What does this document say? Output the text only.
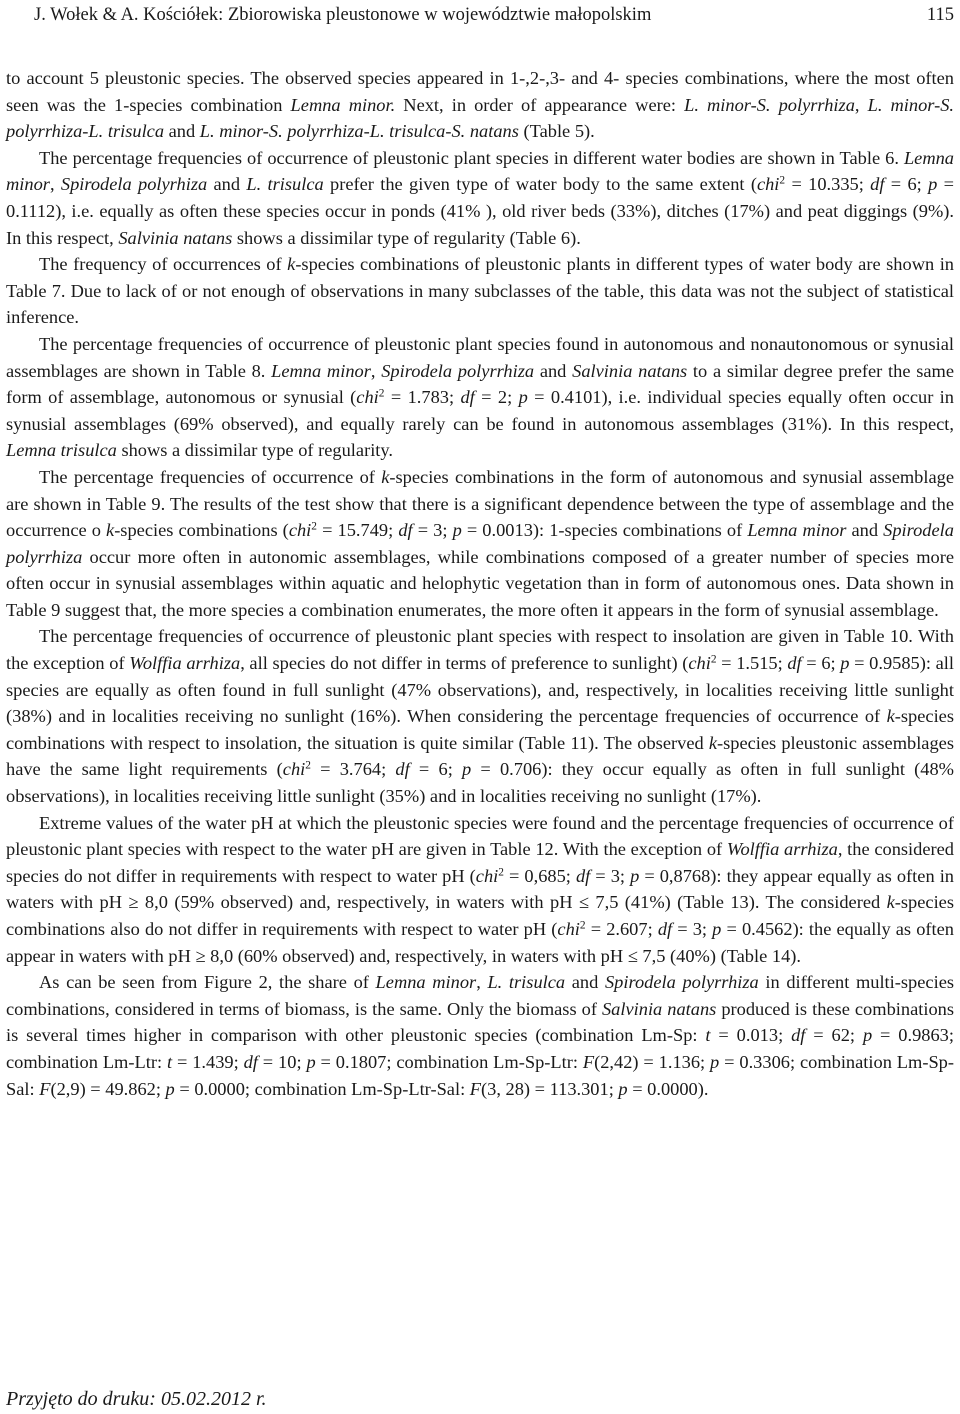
J. Wołek & A. Kościółek: Zbiorowiska pleustonowe w województwie małopolskim	115

to account 5 pleustonic species. The observed species appeared in 1-,2-,3- and 4- species combinations, where the most often seen was the 1-species combination Lemna minor. Next, in order of appearance were: L. minor-S. polyrrhiza, L. minor-S. polyrrhiza-L. trisulca and L. minor-S. polyrrhiza-L. trisulca-S. natans (Table 5).

The percentage frequencies of occurrence of pleustonic plant species in different water bodies are shown in Table 6. Lemna minor, Spirodela polyrhiza and L. trisulca prefer the given type of water body to the same extent (chi$^2$ = 10.335; df = 6; p = 0.1112), i.e. equally as often these species occur in ponds (41% ), old river beds (33%), ditches (17%) and peat diggings (9%). In this respect, Salvinia natans shows a dissimilar type of regularity (Table 6).

The frequency of occurrences of k-species combinations of pleustonic plants in different types of water body are shown in Table 7. Due to lack of or not enough of observations in many subclasses of the table, this data was not the subject of statistical inference.

The percentage frequencies of occurrence of pleustonic plant species found in autonomous and nonautonomous or synusial assemblages are shown in Table 8. Lemna minor, Spirodela polyrrhiza and Salvinia natans to a similar degree prefer the same form of assemblage, autonomous or synusial (chi$^2$ = 1.783; df = 2; p = 0.4101), i.e. individual species equally often occur in synusial assemblages (69% observed), and equally rarely can be found in autonomous assemblages (31%). In this respect, Lemna trisulca shows a dissimilar type of regularity.

The percentage frequencies of occurrence of k-species combinations in the form of autonomous and synusial assemblage are shown in Table 9. The results of the test show that there is a significant dependence between the type of assemblage and the occurrence o k-species combinations (chi$^2$ = 15.749; df = 3; p = 0.0013): 1-species combinations of Lemna minor and Spirodela polyrrhiza occur more often in autonomic assemblages, while combinations composed of a greater number of species more often occur in synusial assemblages within aquatic and helophytic vegetation than in form of autonomous ones. Data shown in Table 9 suggest that, the more species a combination enumerates, the more often it appears in the form of synusial assemblage.

The percentage frequencies of occurrence of pleustonic plant species with respect to insolation are given in Table 10. With the exception of Wolffia arrhiza, all species do not differ in terms of preference to sunlight) (chi$^2$ = 1.515; df = 6; p = 0.9585): all species are equally as often found in full sunlight (47% observations), and, respectively, in localities receiving little sunlight (38%) and in localities receiving no sunlight (16%). When considering the percentage frequencies of occurrence of k-species combinations with respect to insolation, the situation is quite similar (Table 11). The observed k-species pleustonic assemblages have the same light requirements (chi$^2$ = 3.764; df = 6; p = 0.706): they occur equally as often in full sunlight (48% observations), in localities receiving little sunlight (35%) and in localities receiving no sunlight (17%).

Extreme values of the water pH at which the pleustonic species were found and the percentage frequencies of occurrence of pleustonic plant species with respect to the water pH are given in Table 12. With the exception of Wolffia arrhiza, the considered species do not differ in requirements with respect to water pH (chi$^2$ = 0,685; df = 3; p = 0,8768): they appear equally as often in waters with pH ≥ 8,0 (59% observed) and, respectively, in waters with pH ≤ 7,5 (41%) (Table 13). The considered k-species combinations also do not differ in requirements with respect to water pH (chi$^2$ = 2.607; df = 3; p = 0.4562): the equally as often appear in waters with pH ≥ 8,0 (60% observed) and, respectively, in waters with pH ≤ 7,5 (40%) (Table 14).

As can be seen from Figure 2, the share of Lemna minor, L. trisulca and Spirodela polyrrhiza in different multi-species combinations, considered in terms of biomass, is the same. Only the biomass of Salvinia natans produced is these combinations is several times higher in comparison with other pleustonic species (combination Lm-Sp: t = 0.013; df = 62; p = 0.9863; combination Lm-Ltr: t = 1.439; df = 10; p = 0.1807; combination Lm-Sp-Ltr: F(2,42) = 1.136; p = 0.3306; combination Lm-Sp-Sal: F(2,9) = 49.862; p = 0.0000; combination Lm-Sp-Ltr-Sal: F(3, 28) = 113.301; p = 0.0000).

Przyjęto do druku: 05.02.2012 r.
